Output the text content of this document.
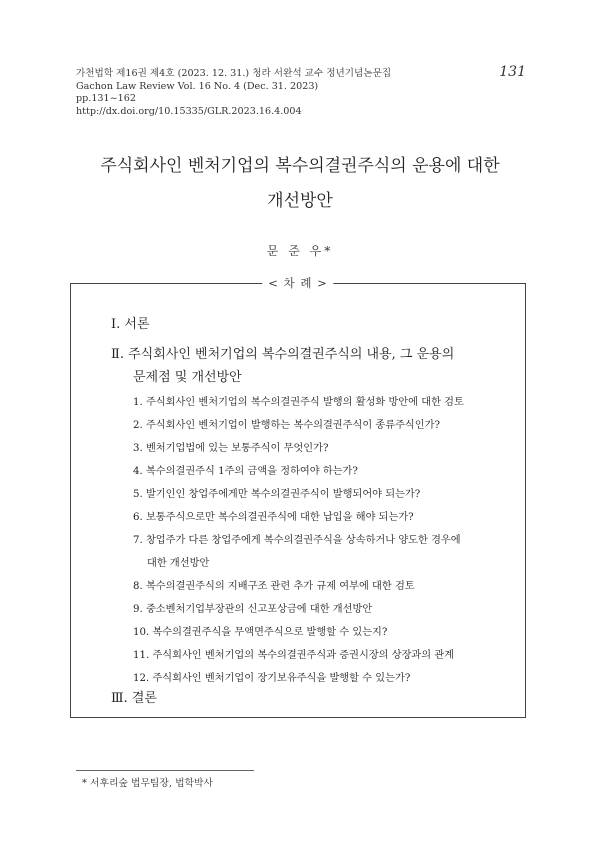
가천법학 제16권 제4호 (2023. 12. 31.) 청라 서완석 교수 정년기념논문집
Gachon Law Review Vol. 16 No. 4 (Dec. 31. 2023)
pp.131~162
http://dx.doi.org/10.15335/GLR.2023.16.4.004
131
주식회사인 벤처기업의 복수의결권주식의 운용에 대한
개선방안
문 준 우*
< 차 례 >
Ⅰ. 서론
Ⅱ. 주식회사인 벤처기업의 복수의결권주식의 내용, 그 운용의
문제점 및 개선방안
1. 주식회사인 벤처기업의 복수의결권주식 발행의 활성화 방안에 대한 검토
2. 주식회사인 벤처기업이 발행하는 복수의결권주식이 종류주식인가?
3. 벤처기업법에 있는 보통주식이 무엇인가?
4. 복수의결권주식 1주의 금액을 정하여야 하는가?
5. 발기인인 창업주에게만 복수의결권주식이 발행되어야 되는가?
6. 보통주식으로만 복수의결권주식에 대한 납입을 해야 되는가?
7. 창업주가 다른 창업주에게 복수의결권주식을 상속하거나 양도한 경우에
대한 개선방안
8. 복수의결권주식의 지배구조 관련 추가 규제 여부에 대한 검토
9. 중소벤처기업부장관의 신고포상금에 대한 개선방안
10. 복수의결권주식을 무액면주식으로 발행할 수 있는지?
11. 주식회사인 벤처기업의 복수의결권주식과 증권시장의 상장과의 관계
12. 주식회사인 벤처기업이 장기보유주식을 발행할 수 있는가?
Ⅲ. 결론
* 서후리숲 법무팀장, 법학박사
